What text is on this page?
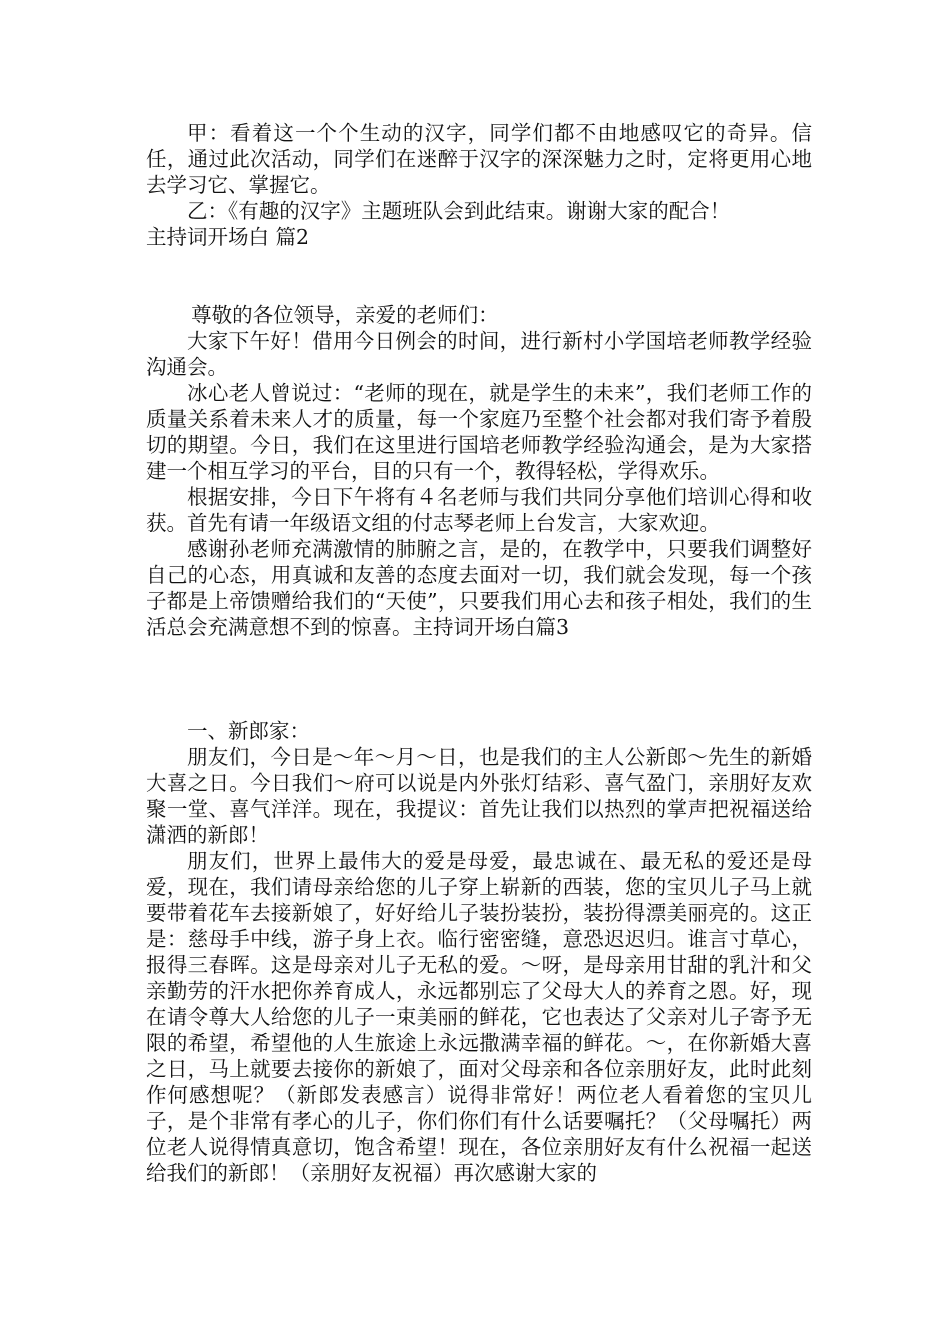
甲：看着这一个个生动的汉字，同学们都不由地感叹它的奇异。信任，通过此次活动，同学们在迷醉于汉字的深深魅力之时，定将更用心地去学习它、掌握它。

乙：《有趣的汉字》主题班队会到此结束。谢谢大家的配合！

主持词开场白 篇2

尊敬的各位领导，亲爱的老师们：

大家下午好！借用今日例会的时间，进行新村小学国培老师教学经验沟通会。

冰心老人曾说过：“老师的现在，就是学生的未来”，我们老师工作的质量关系着未来人才的质量，每一个家庭乃至整个社会都对我们寄予着殷切的期望。今日，我们在这里进行国培老师教学经验沟通会，是为大家搭建一个相互学习的平台，目的只有一个，教得轻松，学得欢乐。

根据安排，今日下午将有４名老师与我们共同分享他们培训心得和收获。首先有请一年级语文组的付志琴老师上台发言，大家欢迎。

感谢孙老师充满激情的肺腑之言，是的，在教学中，只要我们调整好自己的心态，用真诚和友善的态度去面对一切，我们就会发现，每一个孩子都是上帝馈赠给我们的“天使”，只要我们用心去和孩子相处，我们的生活总会充满意想不到的惊喜。主持词开场白篇3

一、新郎家：

朋友们，今日是～年～月～日，也是我们的主人公新郎～先生的新婚大喜之日。今日我们～府可以说是内外张灯结彩、喜气盈门，亲朋好友欢聚一堂、喜气洋洋。现在，我提议：首先让我们以热烈的掌声把祝福送给潇洒的新郎！

朋友们，世界上最伟大的爱是母爱，最忠诚在、最无私的爱还是母爱，现在，我们请母亲给您的儿子穿上崭新的西装，您的宝贝儿子马上就要带着花车去接新娘了，好好给儿子装扮装扮，装扮得漂美丽亮的。这正是：慈母手中线，游子身上衣。临行密密缝，意恐迟迟归。谁言寸草心，报得三春晖。这是母亲对儿子无私的爱。～呀，是母亲用甘甜的乳汁和父亲勤劳的汗水把你养育成人，永远都别忘了父母大人的养育之恩。好，现在请令尊大人给您的儿子一束美丽的鲜花，它也表达了父亲对儿子寄予无限的希望，希望他的人生旅途上永远撒满幸福的鲜花。～，在你新婚大喜之日，马上就要去接你的新娘了，面对父母亲和各位亲朋好友，此时此刻作何感想呢？（新郎发表感言）说得非常好！两位老人看着您的宝贝儿子，是个非常有孝心的儿子，你们你们有什么话要嘱托？（父母嘱托）两位老人说得情真意切，饱含希望！现在，各位亲朋好友有什么祝福一起送给我们的新郎！（亲朋好友祝福）再次感谢大家的
